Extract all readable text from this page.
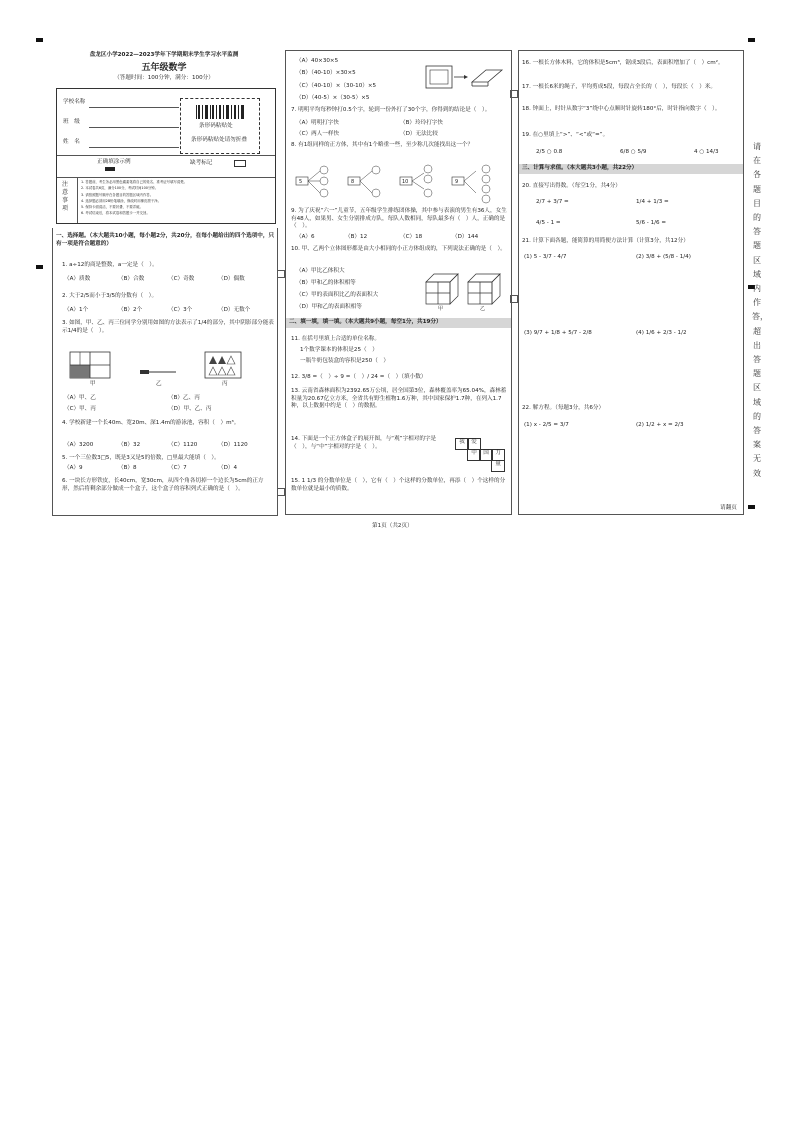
盘龙区小学2022—2023学年下学期期末学生学习水平监测
五年级数学
（答题时间：100分钟，满分：100分）
学校名称
班　级
姓　名
正确填涂示例
注意事项
1. 答题前，考生务必用黑色碳素笔将自己的姓名、准考证号填写清楚。
2. 本试卷共6页，满分100分，考试时间100分钟。
3. 请按照题号顺序在各题目的答题区域内作答。
4. 选择题必须用2B铅笔填涂，修改时用橡皮擦干净。
5. 保持卡面清洁，不要折叠、不要弄破。
6. 考试结束后，将本试卷和答题卡一并交回。
条形码粘贴处
条形码粘贴处请勿折叠
缺考标记
一、选择题。（本大题共10小题，每小题2分，共20分，在每小题给出的四个选项中，只有一项是符合题意的）
1. a÷12的商是整数，a一定是（　）。
（A）质数	（B）合数	（C）奇数	（D）偶数
2. 大于2/5而小于3/5的分数有（　）。
（A）1个	（B）2个	（C）3个	（D）无数个
3. 如图，甲、乙、丙三位同学分别用如图的方法表示了1/4的部分，其中阴影部分能表示1/4的是（　）。
甲	乙	丙
（A）甲、乙	（B）乙、丙
（C）甲、丙	（D）甲、乙、丙
4. 学校新建一个长40m、宽20m、深1.4m的游泳池，容积（　）m³。
（A）3200	（B）32	（C）1120	（D）1120
5. 一个三位数3□5，既是3又是5的倍数，□里最大能填（　）。
（A）9	（B）8	（C）7	（D）4
6. 一块长方形铁皮，长40cm，宽30cm，从四个角各切掉一个边长为5cm的正方形，然后将剩余部分做成一个盒子，这个盒子的容积列式正确的是（　）。
（A）40×30×5
（B）（40-10）×30×5
（C）（40-10）×（30-10）×5
（D）（40-5）×（30-5）×5
7. 明明平均每秒钟打0.5个字，轮到一份外打了30个字，你得到的结论是（　）。
（A）明明打字快	（B）玲玲打字快
（C）两人一样快	（D）无法比较
8. 有1组同样的正方体，其中有1个略重一些，至少称几次能找出这一个？
5	8	10	9
9. 为了庆祝“六一”儿童节，五年级学生排练团体操，其中参与表演的男生有36人，女生有48人，如果男、女生分别排成方队，每队人数相同，每队最多有（　）人，正确的是（　）。
（A）6	（B）12	（C）18	（D）144
10. 甲、乙两个立体图形都是由大小相同的小正方体组成的，下列说法正确的是（　）。
（A）甲比乙体积大
（B）甲和乙的体积相等
（C）甲的表面积比乙的表面积大
（D）甲和乙的表面积相等	甲	乙
二、填一填，填一填。（本大题共9小题，每空1分，共19分）
11. 在括号里填上合适的单位名称。
1个数学课本的体积是25（　）
一瓶牛奶包装盒的容积是250（　）
12. 3/8 =（　）÷ 9 =（　）/ 24 =（　）（填小数）
13. 云南省森林面积为2392.65万公顷，居全国第3位，森林覆盖率为65.04%，森林蓄积量为20.67亿立方米，全省共有野生植物1.6万种，其中国家保护1.7种，在列入1.7种，以上数据中约是（　）的数据。
14. 下面是一个正方体盒子的展开图，与“观”字相对的字是（　），与“中”字相对的字是（　）。
我	爱
中	国	力
量
15. 1 1/3 的分数单位是（　），它有（　）个这样的分数单位，再添（　）个这样的分数单位就是最小的质数。
16. 一根长方体木料，它的体积是5cm³，锯成3段后，表面积增加了（　）cm²。
17. 一根长6米的绳子，平均剪成5段，每段占全长的（　），每段长（　）米。
18. 钟面上，时针从数字“3”绕中心点顺时针旋转180°后，时针指向数字（　）。
19. 在○里填上“>”、“<”或“=”。
2/5 ○ 0.8	6/8 ○ 5/9	4 ○ 14/3
三、计算与求值。（本大题共3小题，共22分）
20. 直接写出得数。（每空1分，共4分）
2/7 + 3/7 =	1/4 + 1/3 =
4/5 - 1 =	5/6 - 1/6 =
21. 计算下面各题，能简算的用简便方法计算（计算3分，共12分）
(1) 5 - 3/7 - 4/7	(2) 3/8 + (5/8 - 1/4)
(3) 9/7 + 1/8 + 5/7 - 2/8	(4) 1/6 + 2/3 - 1/2
22. 解方程。（每题3分，共6分）
(1) x - 2/5 = 3/7	(2) 1/2 + x = 2/3
请翻页
请在各题目的答题区域内作答，超出答题区域的答案无效
第1页（共2页）
